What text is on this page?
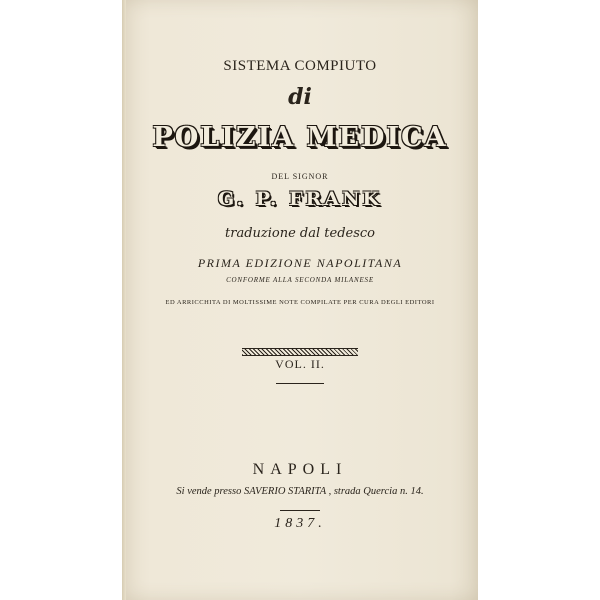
SISTEMA COMPIUTO
di
POLIZIA MEDICA
DEL SIGNOR
G. P. FRANK
traduzione dal tedesco
PRIMA EDIZIONE NAPOLITANA
CONFORME ALLA SECONDA MILANESE
ED ARRICCHITA DI MOLTISSIME NOTE COMPILATE PER CURA DEGLI EDITORI
VOL. II.
NAPOLI
Si vende presso SAVERIO STARITA , strada Quercia n. 14.
1837.
